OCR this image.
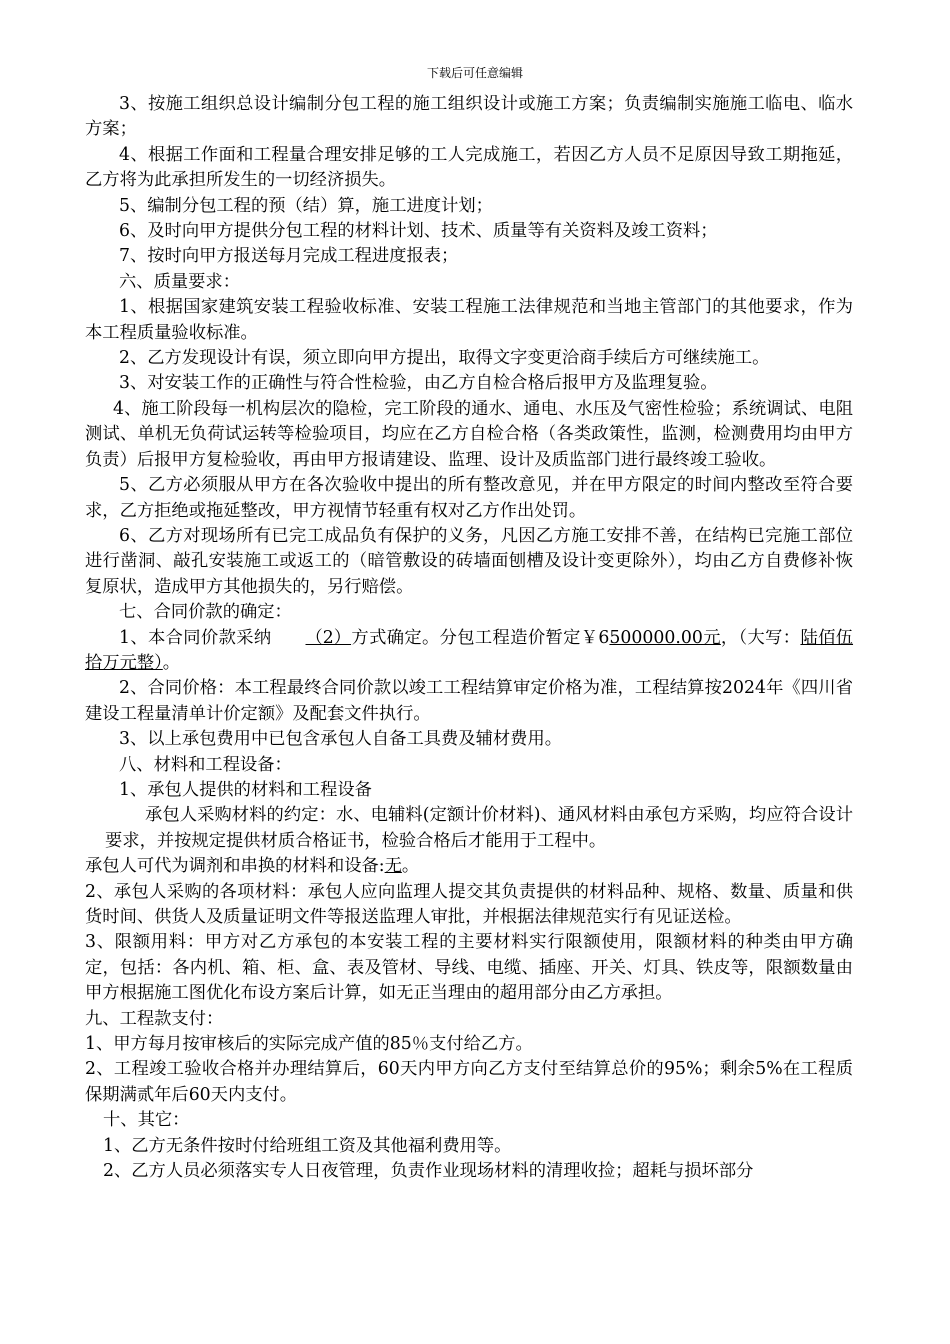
下载后可任意编辑

3、按施工组织总设计编制分包工程的施工组织设计或施工方案；负责编制实施施工临电、临水方案；

4、根据工作面和工程量合理安排足够的工人完成施工，若因乙方人员不足原因导致工期拖延，乙方将为此承担所发生的一切经济损失。

5、编制分包工程的预（结）算，施工进度计划；

6、及时向甲方提供分包工程的材料计划、技术、质量等有关资料及竣工资料；

7、按时向甲方报送每月完成工程进度报表；

六、质量要求：

1、根据国家建筑安装工程验收标准、安装工程施工法律规范和当地主管部门的其他要求，作为本工程质量验收标准。

2、乙方发现设计有误，须立即向甲方提出，取得文字变更洽商手续后方可继续施工。

3、对安装工作的正确性与符合性检验，由乙方自检合格后报甲方及监理复验。

4、施工阶段每一机构层次的隐检，完工阶段的通水、通电、水压及气密性检验；系统调试、电阻测试、单机无负荷试运转等检验项目，均应在乙方自检合格（各类政策性，监测，检测费用均由甲方负责）后报甲方复检验收，再由甲方报请建设、监理、设计及质监部门进行最终竣工验收。

5、乙方必须服从甲方在各次验收中提出的所有整改意见，并在甲方限定的时间内整改至符合要求，乙方拒绝或拖延整改，甲方视情节轻重有权对乙方作出处罚。

6、乙方对现场所有已完工成品负有保护的义务，凡因乙方施工安排不善，在结构已完施工部位进行凿洞、敲孔安装施工或返工的（暗管敷设的砖墙面刨槽及设计变更除外），均由乙方自费修补恢复原状，造成甲方其他损失的，另行赔偿。

七、合同价款的确定：

1、本合同价款采纳 （2）方式确定。分包工程造价暂定￥6500000.00元，（大写：陆佰伍拾万元整）。

2、合同价格：本工程最终合同价款以竣工工程结算审定价格为准，工程结算按2024年《四川省建设工程量清单计价定额》及配套文件执行。

3、以上承包费用中已包含承包人自备工具费及辅材费用。

八、材料和工程设备：

1、承包人提供的材料和工程设备

承包人采购材料的约定：水、电辅料(定额计价材料)、通风材料由承包方采购，均应符合设计要求，并按规定提供材质合格证书，检验合格后才能用于工程中。

承包人可代为调剂和串换的材料和设备:无。

2、承包人采购的各项材料：承包人应向监理人提交其负责提供的材料品种、规格、数量、质量和供货时间、供货人及质量证明文件等报送监理人审批，并根据法律规范实行有见证送检。

3、限额用料：甲方对乙方承包的本安装工程的主要材料实行限额使用，限额材料的种类由甲方确定，包括：各内机、箱、柜、盒、表及管材、导线、电缆、插座、开关、灯具、铁皮等，限额数量由甲方根据施工图优化布设方案后计算，如无正当理由的超用部分由乙方承担。

九、工程款支付：

1、甲方每月按审核后的实际完成产值的85％支付给乙方。

2、工程竣工验收合格并办理结算后，60天内甲方向乙方支付至结算总价的95%；剩余5%在工程质保期满贰年后60天内支付。

十、其它：

1、乙方无条件按时付给班组工资及其他福利费用等。

2、乙方人员必须落实专人日夜管理，负责作业现场材料的清理收捡；超耗与损坏部分
